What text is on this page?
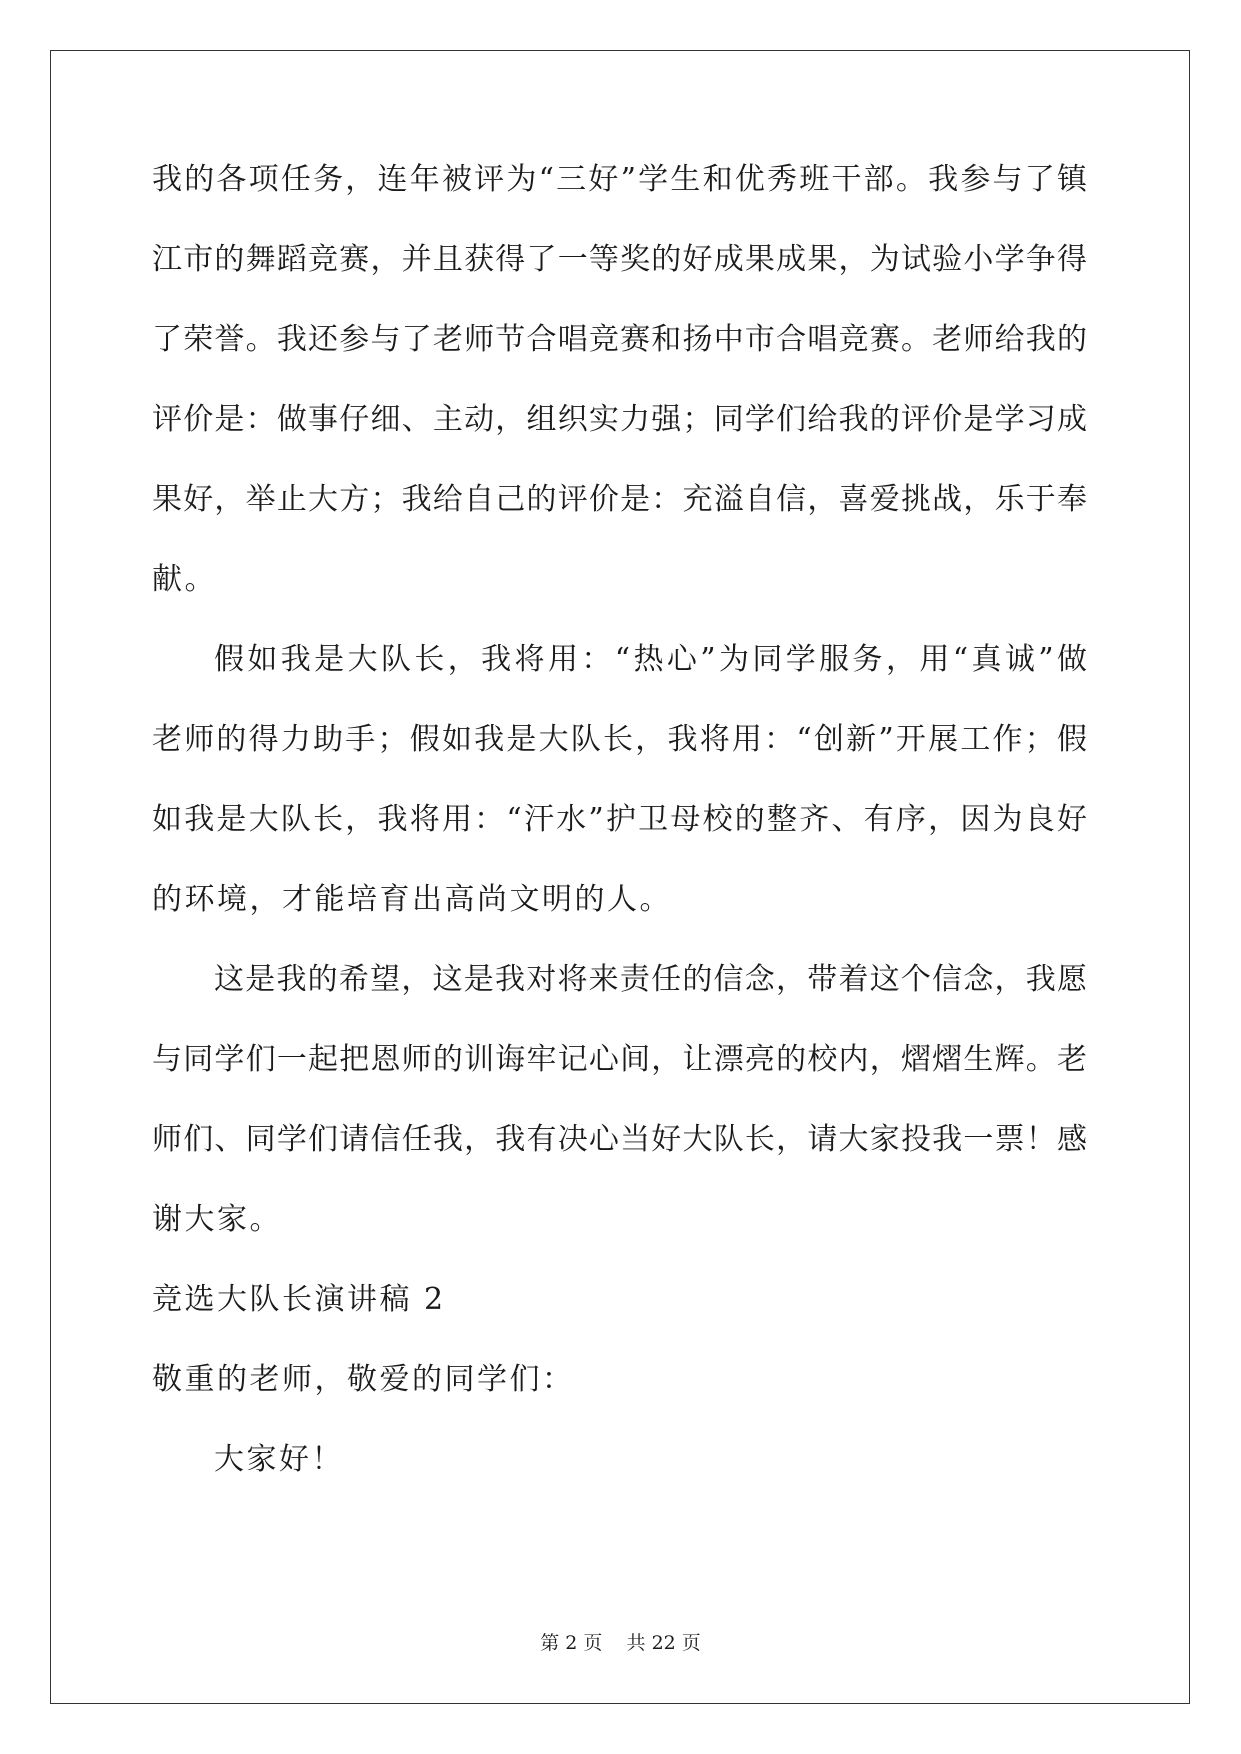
我的各项任务，连年被评为“三好”学生和优秀班干部。我参与了镇
江市的舞蹈竞赛，并且获得了一等奖的好成果成果，为试验小学争得
了荣誉。我还参与了老师节合唱竞赛和扬中市合唱竞赛。老师给我的
评价是：做事仔细、主动，组织实力强；同学们给我的评价是学习成
果好，举止大方；我给自己的评价是：充溢自信，喜爱挑战，乐于奉
献。
假如我是大队长，我将用：“热心”为同学服务，用“真诚”做
老师的得力助手；假如我是大队长，我将用：“创新”开展工作；假
如我是大队长，我将用：“汗水”护卫母校的整齐、有序，因为良好
的环境，才能培育出高尚文明的人。
这是我的希望，这是我对将来责任的信念，带着这个信念，我愿
与同学们一起把恩师的训诲牢记心间，让漂亮的校内，熠熠生辉。老
师们、同学们请信任我，我有决心当好大队长，请大家投我一票！感
谢大家。
竞选大队长演讲稿 2
敬重的老师，敬爱的同学们：
大家好！
第 2 页    共 22 页
